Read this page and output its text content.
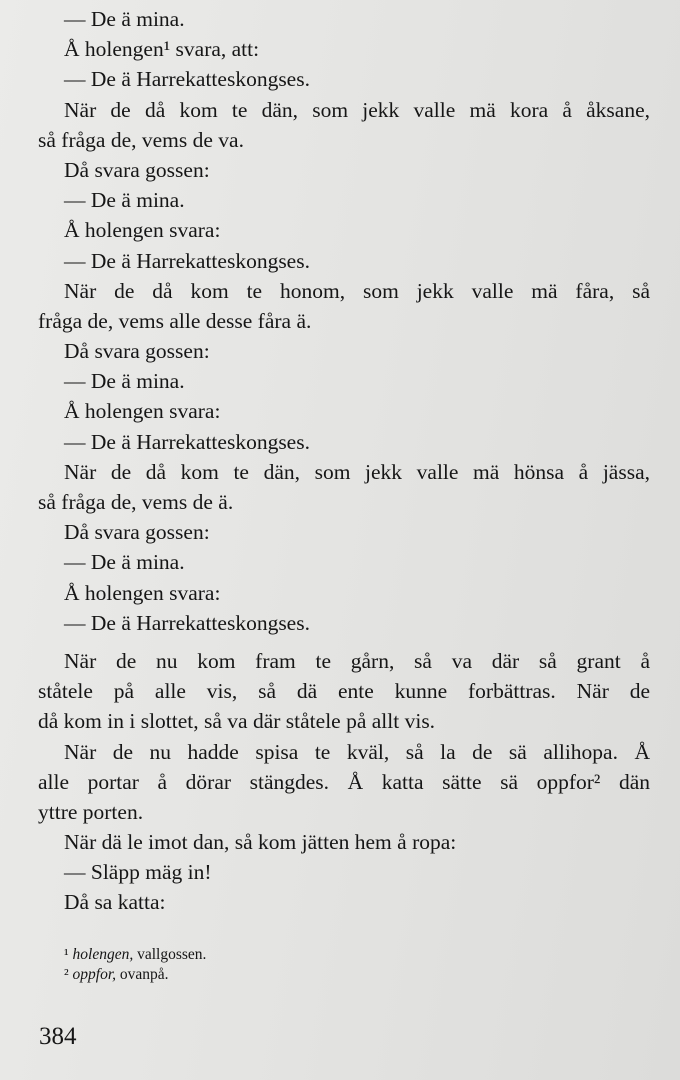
— De ä mina.
Å holengen¹ svara, att:
— De ä Harrekatteskongses.
När de då kom te dän, som jekk valle mä kora å åksane,
så fråga de, vems de va.
Då svara gossen:
— De ä mina.
Å holengen svara:
— De ä Harrekatteskongses.
När de då kom te honom, som jekk valle mä fåra, så
fråga de, vems alle desse fåra ä.
Då svara gossen:
— De ä mina.
Å holengen svara:
— De ä Harrekatteskongses.
När de då kom te dän, som jekk valle mä hönsa å jässa,
så fråga de, vems de ä.
Då svara gossen:
— De ä mina.
Å holengen svara:
— De ä Harrekatteskongses.
När de nu kom fram te gårn, så va där så grant å
ståtele på alle vis, så dä ente kunne forbättras. När de
då kom in i slottet, så va där ståtele på allt vis.
När de nu hadde spisa te kväl, så la de sä allihopa. Å
alle portar å dörar stängdes. Å katta sätte sä oppfor² dän
yttre porten.
När dä le imot dan, så kom jätten hem å ropa:
— Släpp mäg in!
Då sa katta:
¹ holengen, vallgossen.
² oppfor, ovanpå.
384
